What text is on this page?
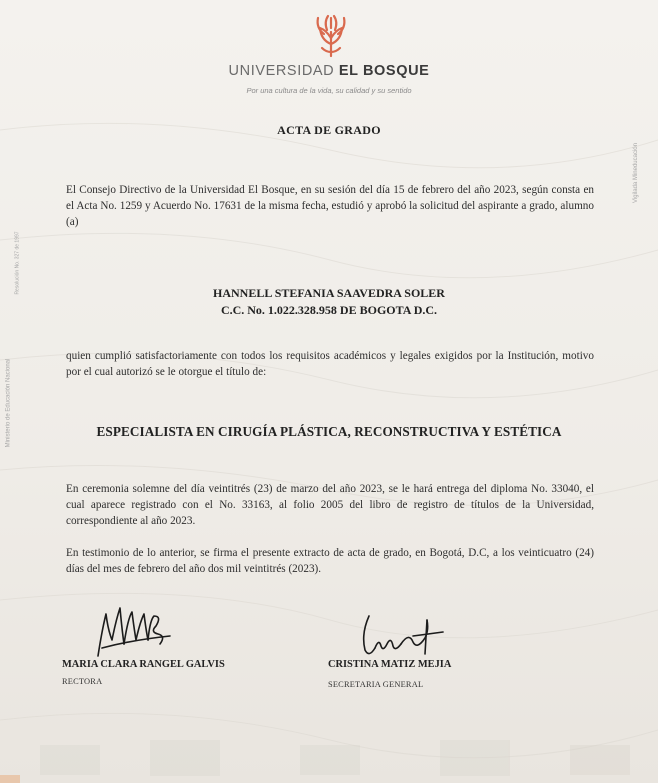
UNIVERSIDAD EL BOSQUE
Por una cultura de la vida, su calidad y su sentido
ACTA DE GRADO
El Consejo Directivo de la Universidad El Bosque, en su sesión del día 15 de febrero del año 2023, según consta en el Acta No. 1259 y Acuerdo No. 17631 de la misma fecha, estudió y aprobó la solicitud del aspirante a grado, alumno (a)
HANNELL STEFANIA SAAVEDRA SOLER
C.C. No. 1.022.328.958 DE BOGOTA D.C.
quien cumplió satisfactoriamente con todos los requisitos académicos y legales exigidos por la Institución, motivo por el cual autorizó se le otorgue el título de:
ESPECIALISTA EN CIRUGÍA PLÁSTICA, RECONSTRUCTIVA Y ESTÉTICA
En ceremonia solemne del día veintitrés (23) de marzo del año 2023, se le hará entrega del diploma No. 33040, el cual aparece registrado con el No. 33163, al folio 2005 del libro de registro de títulos de la Universidad, correspondiente al año 2023.
En testimonio de lo anterior, se firma el presente extracto de acta de grado, en Bogotá, D.C, a los veinticuatro (24) días del mes de febrero del año dos mil veintitrés (2023).
MARIA CLARA RANGEL GALVIS
RECTORA
CRISTINA MATIZ MEJIA
SECRETARIA GENERAL
Ministerio de Educación Nacional
Resolución No. 327 de 1997
Vigilada Mineducación
